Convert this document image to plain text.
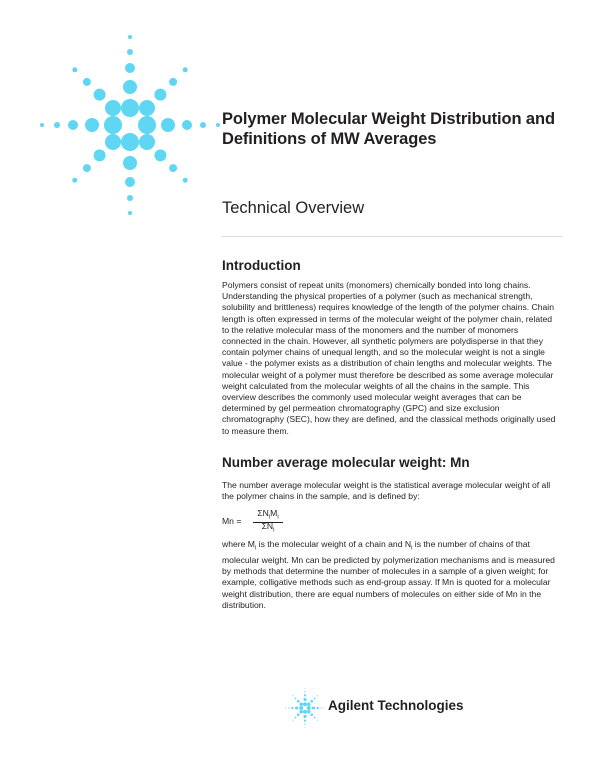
Polymer Molecular Weight Distribution and Definitions of MW Averages
Technical Overview
Introduction

Polymers consist of repeat units (monomers) chemically bonded into long chains. Understanding the physical properties of a polymer (such as mechanical strength, solubility and brittleness) requires knowledge of the length of the polymer chains. Chain length is often expressed in terms of the molecular weight of the polymer chain, related to the relative molecular mass of the monomers and the number of monomers connected in the chain. However, all synthetic polymers are polydisperse in that they contain polymer chains of unequal length, and so the molecular weight is not a single value - the polymer exists as a distribution of chain lengths and molecular weights. The molecular weight of a polymer must therefore be described as some average molecular weight calculated from the molecular weights of all the chains in the sample. This overview describes the commonly used molecular weight averages that can be determined by gel permeation chromatography (GPC) and size exclusion chromatography (SEC), how they are defined, and the classical methods originally used to measure them.

Number average molecular weight: Mn

The number average molecular weight is the statistical average molecular weight of all the polymer chains in the sample, and is defined by:

Mn =
$\Sigma N_iM_i$
$\Sigma N_i$

where $M_i$ is the molecular weight of a chain and $N_i$ is the number of chains of that molecular weight. Mn can be predicted by polymerization mechanisms and is measured by methods that determine the number of molecules in a sample of a given weight; for example, colligative methods such as end-group assay. If Mn is quoted for a molecular weight distribution, there are equal numbers of molecules on either side of Mn in the distribution.

Agilent Technologies
